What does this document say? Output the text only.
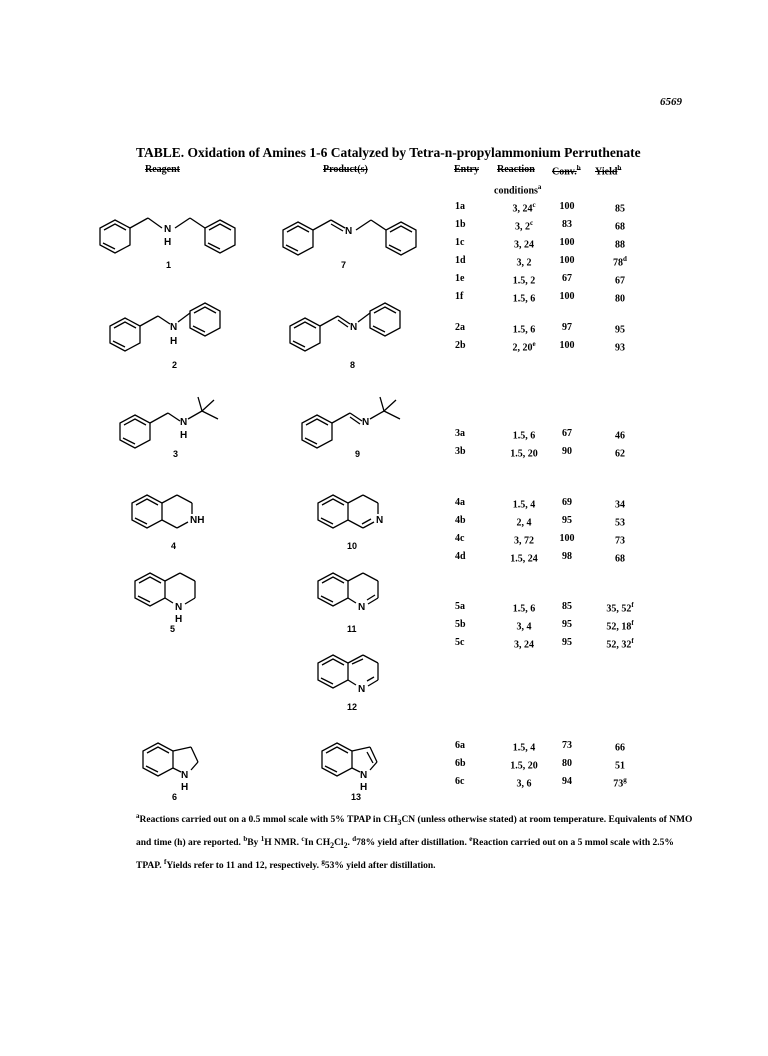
6569
TABLE. Oxidation of Amines 1-6 Catalyzed by Tetra-n-propylammonium Perruthenate
Reagent	Product(s)	Entry Reaction Conv.$^b$ Yield$^b$
conditions$^a$
1a	3, 24$^c$	100	85
1b	3, 2$^c$	83	68
1c	3, 24	100	88
1d	3, 2	100	78$^d$
1e	1.5, 2	67	67
1f	1.5, 6	100	80
2a	1.5, 6	97	95
2b	2, 20e	100	93
3a	1.5, 6	67	46
3b	1.5, 20	90	62
4a	1.5, 4	69	34
4b	2, 4	95	53
4c	3, 72	100	73
4d	1.5, 24	98	68
5a	1.5, 6	85	35, 52$^f$
5b	3, 4	95	52, 18$^f$
5c	3, 24	95	52, 32$^f$
6a	1.5, 4	73	66
6b	1.5, 20	80	51
6c	3, 6	94	73$^g$
N
H
1
N
7
N
H
2
N
8
N
H
3
N
9
NH
4
N
10
N
H
5
N
11
N
12
N
H
6
N
H
13
$^a$Reactions carried out on a 0.5 mmol scale with 5% TPAP in $CH_3CN$ (unless otherwise stated) at room temperature. Equivalents of NMO and time (h) are reported. $^b$By $^1$H NMR. $^c$In $CH_2Cl_2$. $^d$78% yield after distillation. $^e$Reaction carried out on a 5 mmol scale with 2.5% TPAP. $^f$Yields refer to 11 and 12, respectively. $^g$53% yield after distillation.
